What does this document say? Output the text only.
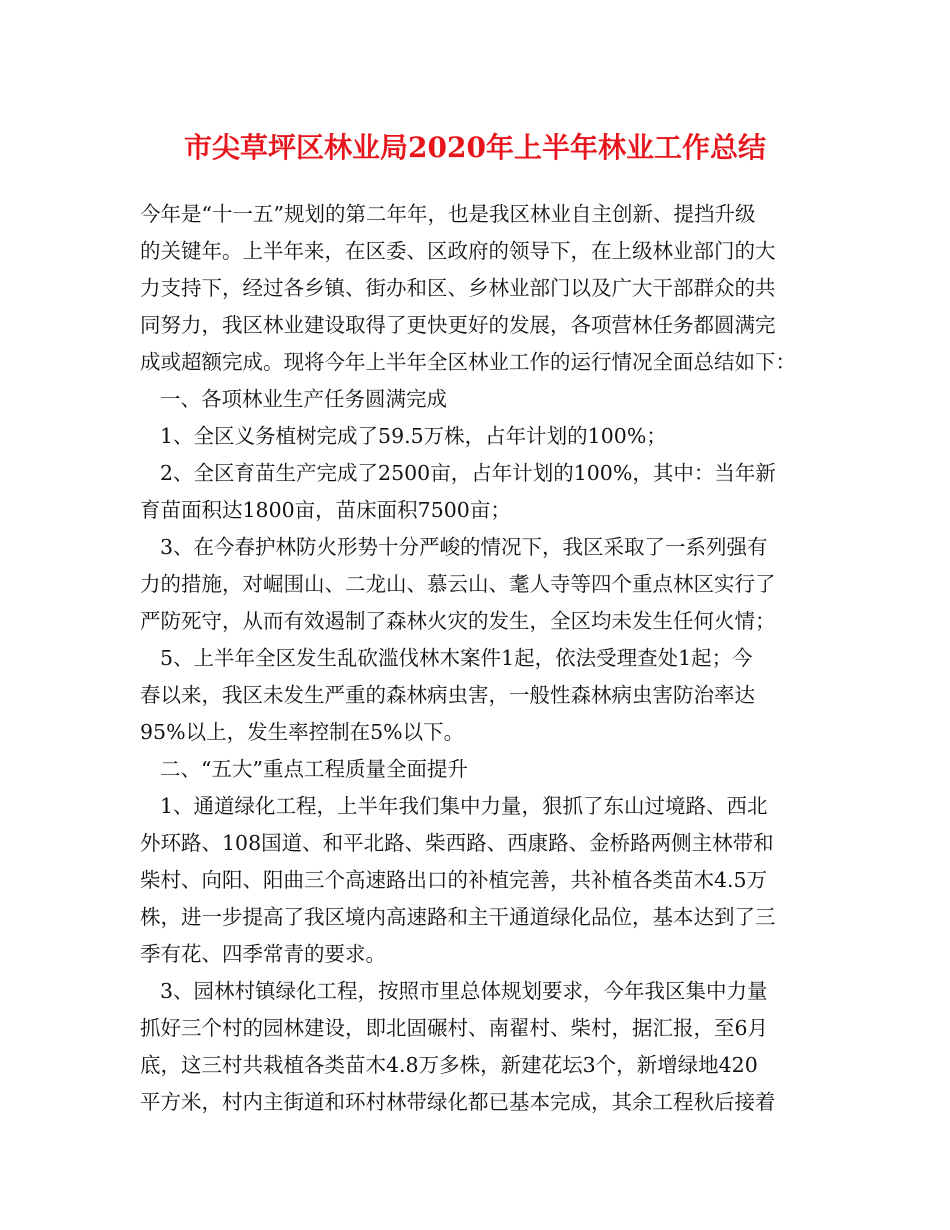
市尖草坪区林业局2020年上半年林业工作总结
今年是“十一五”规划的第二年年，也是我区林业自主创新、提挡升级
的关键年。上半年来，在区委、区政府的领导下，在上级林业部门的大
力支持下，经过各乡镇、街办和区、乡林业部门以及广大干部群众的共
同努力，我区林业建设取得了更快更好的发展，各项营林任务都圆满完
成或超额完成。现将今年上半年全区林业工作的运行情况全面总结如下：
一、各项林业生产任务圆满完成
1、全区义务植树完成了59.5万株，占年计划的100%；
2、全区育苗生产完成了2500亩，占年计划的100%，其中：当年新
育苗面积达1800亩，苗床面积7500亩；
3、在今春护林防火形势十分严峻的情况下，我区采取了一系列强有
力的措施，对崛围山、二龙山、慕云山、耄人寺等四个重点林区实行了
严防死守，从而有效遏制了森林火灾的发生，全区均未发生任何火情；
5、上半年全区发生乱砍滥伐林木案件1起，依法受理查处1起；今
春以来，我区未发生严重的森林病虫害，一般性森林病虫害防治率达
95%以上，发生率控制在5%以下。
二、“五大”重点工程质量全面提升
1、通道绿化工程，上半年我们集中力量，狠抓了东山过境路、西北
外环路、108国道、和平北路、柴西路、西康路、金桥路两侧主林带和
柴村、向阳、阳曲三个高速路出口的补植完善，共补植各类苗木4.5万
株，进一步提高了我区境内高速路和主干通道绿化品位，基本达到了三
季有花、四季常青的要求。
3、园林村镇绿化工程，按照市里总体规划要求，今年我区集中力量
抓好三个村的园林建设，即北固碾村、南翟村、柴村，据汇报，至6月
底，这三村共栽植各类苗木4.8万多株，新建花坛3个，新增绿地420
平方米，村内主街道和环村林带绿化都已基本完成，其余工程秋后接着
